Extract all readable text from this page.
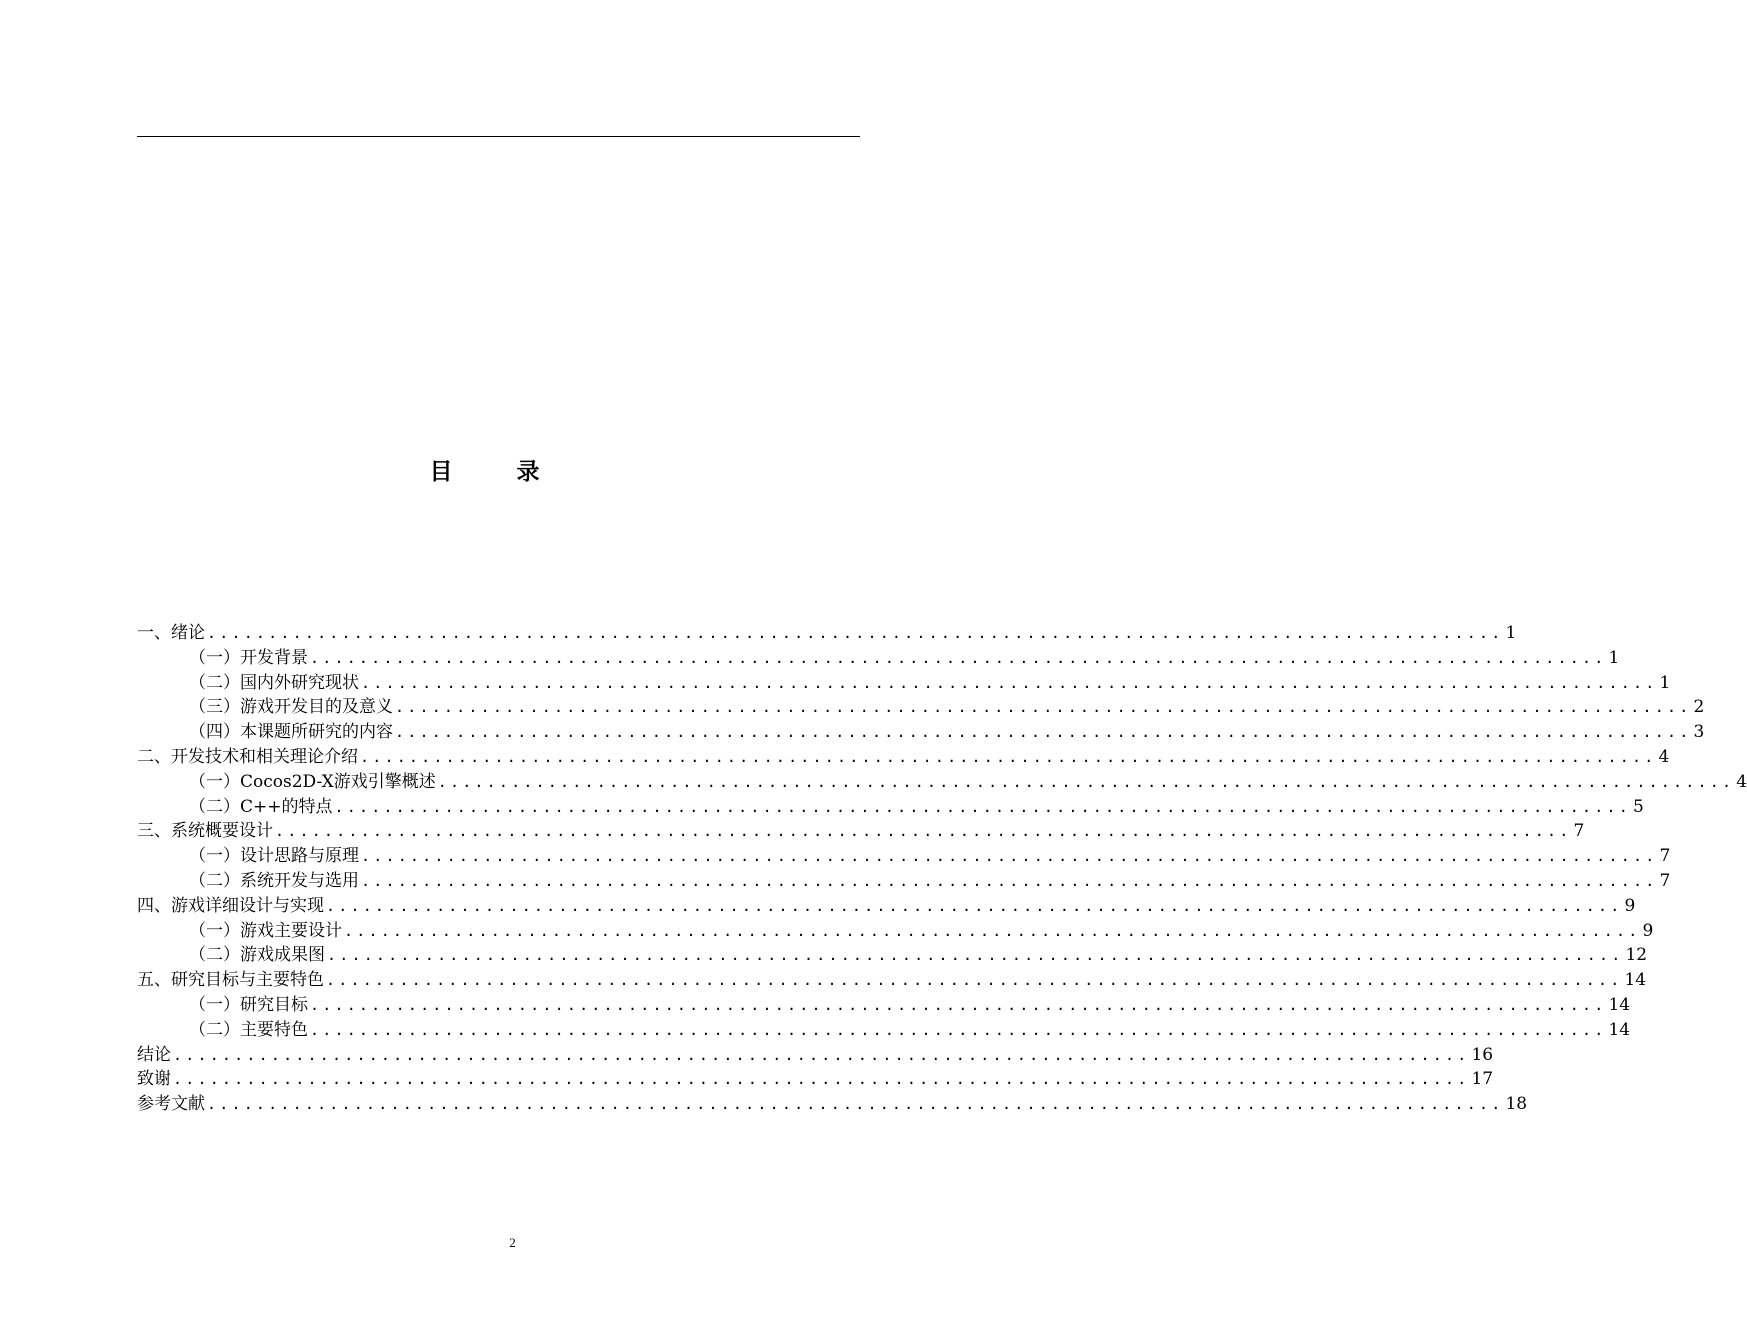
目 录
一、绪论 .......................................................................................................... 1
（一）开发背景 .......................................................................................................... 1
（二）国内外研究现状 .......................................................................................................... 1
（三）游戏开发目的及意义 .......................................................................................................... 2
（四）本课题所研究的内容 .......................................................................................................... 3
二、开发技术和相关理论介绍 .......................................................................................................... 4
（一）Cocos2D-X游戏引擎概述 .......................................................................................................... 4
（二）C++的特点 .......................................................................................................... 5
三、系统概要设计 .......................................................................................................... 7
（一）设计思路与原理 .......................................................................................................... 7
（二）系统开发与选用 .......................................................................................................... 7
四、游戏详细设计与实现 .......................................................................................................... 9
（一）游戏主要设计 .......................................................................................................... 9
（二）游戏成果图 .......................................................................................................... 12
五、研究目标与主要特色 .......................................................................................................... 14
（一）研究目标 .......................................................................................................... 14
（二）主要特色 .......................................................................................................... 14
结论 .......................................................................................................... 16
致谢 .......................................................................................................... 17
参考文献 .......................................................................................................... 18
2
